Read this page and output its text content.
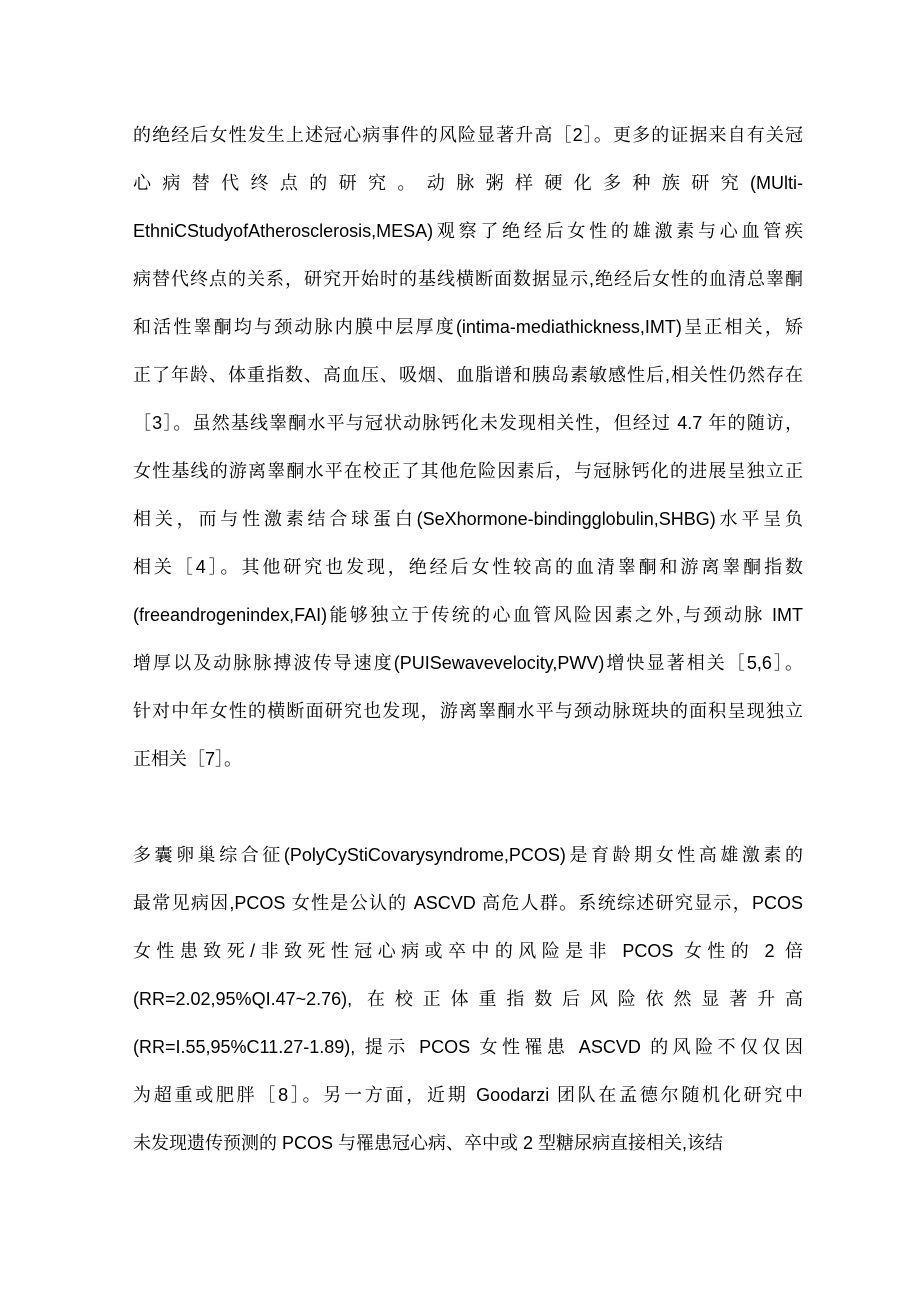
的绝经后女性发生上述冠心病事件的风险显著升高［2］。更多的证据来自有关冠
心病替代终点的研究。动脉粥样硬化多种族研究(MUlti-
EthniCStudyofAtherosclerosis,MESA)观察了绝经后女性的雄激素与心血管疾
病替代终点的关系，研究开始时的基线横断面数据显示,绝经后女性的血清总睾酮
和活性睾酮均与颈动脉内膜中层厚度(intima-mediathickness,IMT)呈正相关，矫
正了年龄、体重指数、高血压、吸烟、血脂谱和胰岛素敏感性后,相关性仍然存在
［3］。虽然基线睾酮水平与冠状动脉钙化未发现相关性，但经过 4.7 年的随访，
女性基线的游离睾酮水平在校正了其他危险因素后，与冠脉钙化的进展呈独立正
相关，而与性激素结合球蛋白(SeXhormone-bindingglobulin,SHBG)水平呈负
相关［4］。其他研究也发现，绝经后女性较高的血清睾酮和游离睾酮指数
(freeandrogenindex,FAI)能够独立于传统的心血管风险因素之外,与颈动脉 IMT
增厚以及动脉脉搏波传导速度(PUISewavevelocity,PWV)增快显著相关［5,6］。
针对中年女性的横断面研究也发现，游离睾酮水平与颈动脉斑块的面积呈现独立
正相关［7］。
多囊卵巢综合征(PolyCyStiCovarysyndrome,PCOS)是育龄期女性高雄激素的
最常见病因,PCOS 女性是公认的 ASCVD 高危人群。系统综述研究显示，PCOS
女性患致死/非致死性冠心病或卒中的风险是非 PCOS 女性的 2 倍
(RR=2.02,95%QI.47~2.76), 在校正体重指数后风险依然显著升高
(RR=I.55,95%C11.27-1.89), 提示 PCOS 女性罹患 ASCVD 的风险不仅仅因
为超重或肥胖［8］。另一方面，近期 Goodarzi 团队在孟德尔随机化研究中
未发现遗传预测的 PCOS 与罹患冠心病、卒中或 2 型糖尿病直接相关,该结
